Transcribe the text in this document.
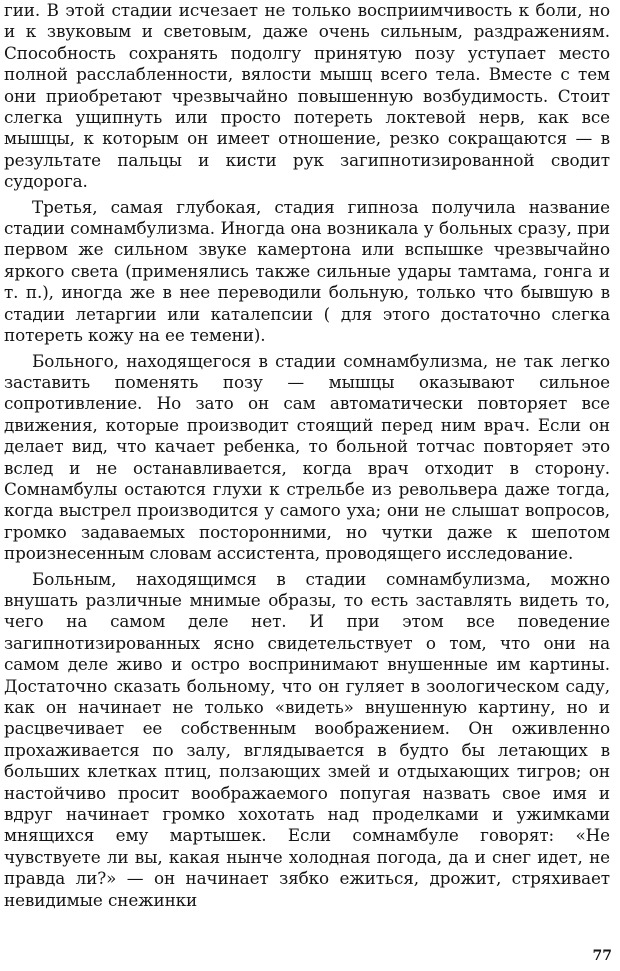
гии. В этой стадии исчезает не только восприимчивость к боли, но и к звуковым и световым, даже очень сильным, раздражениям. Способность сохранять подолгу принятую позу уступает место полной расслабленности, вялости мышц всего тела. Вместе с тем они приобретают чрезвычайно повышенную возбудимость. Стоит слегка ущипнуть или просто потереть локтевой нерв, как все мышцы, к которым он имеет отношение, резко сокращаются — в результате пальцы и кисти рук загипнотизированной сводит судорога.

Третья, самая глубокая, стадия гипноза получила название стадии сомнамбулизма. Иногда она возникала у больных сразу, при первом же сильном звуке камертона или вспышке чрезвычайно яркого света (применялись также сильные удары тамтама, гонга и т. п.), иногда же в нее переводили больную, только что бывшую в стадии летаргии или каталепсии ( для этого достаточно слегка потереть кожу на ее темени).

Больного, находящегося в стадии сомнамбулизма, не так легко заставить поменять позу — мышцы оказывают сильное сопротивление. Но зато он сам автоматически повторяет все движения, которые производит стоящий перед ним врач. Если он делает вид, что качает ребенка, то больной тотчас повторяет это вслед и не останавливается, когда врач отходит в сторону. Сомнамбулы остаются глухи к стрельбе из револьвера даже тогда, когда выстрел производится у самого уха; они не слышат вопросов, громко задаваемых посторонними, но чутки даже к шепотом произнесенным словам ассистента, проводящего исследование.

Больным, находящимся в стадии сомнамбулизма, можно внушать различные мнимые образы, то есть заставлять видеть то, чего на самом деле нет. И при этом все поведение загипнотизированных ясно свидетельствует о том, что они на самом деле живо и остро воспринимают внушенные им картины. Достаточно сказать больному, что он гуляет в зоологическом саду, как он начинает не только «видеть» внушенную картину, но и расцвечивает ее собственным воображением. Он оживленно прохаживается по залу, вглядывается в будто бы летающих в больших клетках птиц, ползающих змей и отдыхающих тигров; он настойчиво просит воображаемого попугая назвать свое имя и вдруг начинает громко хохотать над проделками и ужимками мнящихся ему мартышек. Если сомнамбуле говорят: «Не чувствуете ли вы, какая нынче холодная погода, да и снег идет, не правда ли?» — он начинает зябко ежиться, дрожит, стряхивает невидимые снежинки

77
